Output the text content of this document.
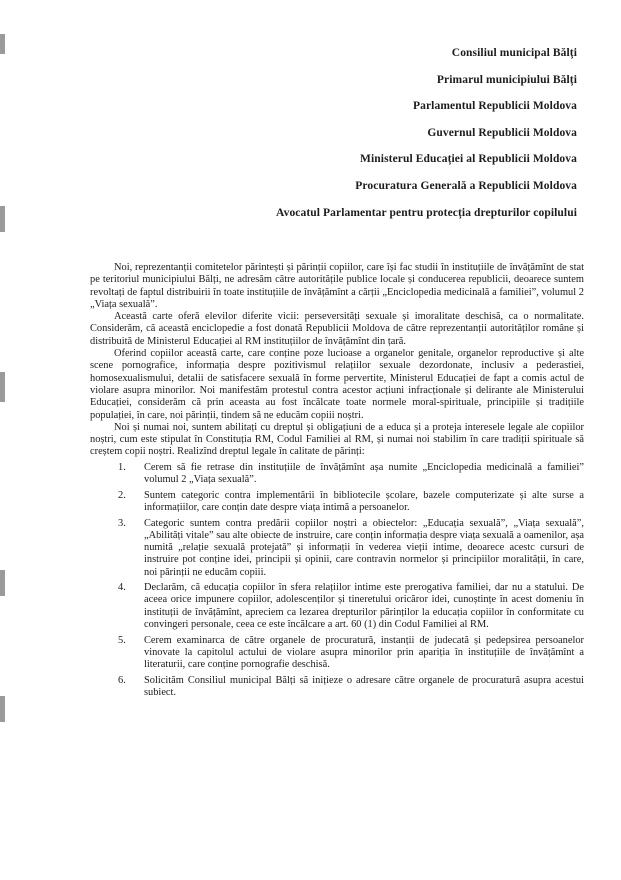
Consiliul municipal Bălți
Primarul municipiului Bălți
Parlamentul Republicii Moldova
Guvernul Republicii Moldova
Ministerul Educației al Republicii Moldova
Procuratura Generală a Republicii Moldova
Avocatul Parlamentar pentru protecția drepturilor copilului

Noi, reprezentanții comitetelor părintești și părinții copiilor, care își fac studii în instituțiile de învățămînt de stat pe teritoriul municipiului Bălți, ne adresăm către autoritățile publice locale și conducerea republicii, deoarece suntem revoltați de faptul distribuirii în toate instituțiile de învățămînt a cărții „Enciclopedia medicinală a familiei”, volumul 2 „Viața sexuală”.

Această carte oferă elevilor diferite vicii: perseversități sexuale și imoralitate deschisă, ca o normalitate. Considerăm, că această enciclopedie a fost donată Republicii Moldova de către reprezentanții autorităților române și distribuită de Ministerul Educației al RM instituțiilor de învățămînt din țară.

Oferind copiilor această carte, care conține poze lucioase a organelor genitale, organelor reproductive și alte scene pornografice, informația despre pozitivismul relațiilor sexuale dezordonate, inclusiv a pederastiei, homosexualismului, detalii de satisfacere sexuală în forme pervertite, Ministerul Educației de fapt a comis actul de violare asupra minorilor. Noi manifestăm protestul contra acestor acțiuni infracționale și delirante ale Ministerului Educației, considerăm că prin aceasta au fost încălcate toate normele moral-spirituale, principiile și tradițiile populației, în care, noi părinții, tindem să ne educăm copiii noștri.

Noi și numai noi, suntem abilitați cu dreptul și obligațiuni de a educa și a proteja interesele legale ale copiilor noștri, cum este stipulat în Constituția RM, Codul Familiei al RM, și numai noi stabilim în care tradiții spirituale să creștem copii noștri. Realizînd dreptul legale în calitate de părinți:

1. Cerem să fie retrase din instituțiile de învățămînt așa numite „Enciclopedia medicinală a familiei” volumul 2 „Viața sexuală”.
2. Suntem categoric contra implementării în bibliotecile școlare, bazele computerizate și alte surse a informațiilor, care conțin date despre viața intimă a persoanelor.
3. Categoric suntem contra predării copiilor noștri a obiectelor: „Educația sexuală”, „Viața sexuală”, „Abilități vitale” sau alte obiecte de instruire, care conțin informația despre viața sexuală a oamenilor, așa numită „relație sexuală protejată” și informații în vederea vieții intime, deoarece acestc cursuri de instruire pot conține idei, principii și opinii, care contravin normelor și principiilor moralității, în care, noi părinții ne educăm copiii.
4. Declarăm, că educația copiilor în sfera relațiilor intime este prerogativa familiei, dar nu a statului. De aceea orice impunere copiilor, adolescenților și tineretului oricăror idei, cunoștințe în acest domeniu în instituții de învățămînt, apreciem ca lezarea drepturilor părinților la educația copiilor în conformitate cu convingeri personale, ceea ce este încălcare a art. 60 (1) din Codul Familiei al RM.
5. Cerem examinarca de către organele de procuratură, instanții de judecată și pedepsirea persoanelor vinovate la capitolul actului de violare asupra minorilor prin apariția în instituțiile de învățămînt a literaturii, care conține pornografie deschisă.
6. Solicităm Consiliul municipal Bălți să inițieze o adresare către organele de procuratură asupra acestui subiect.
